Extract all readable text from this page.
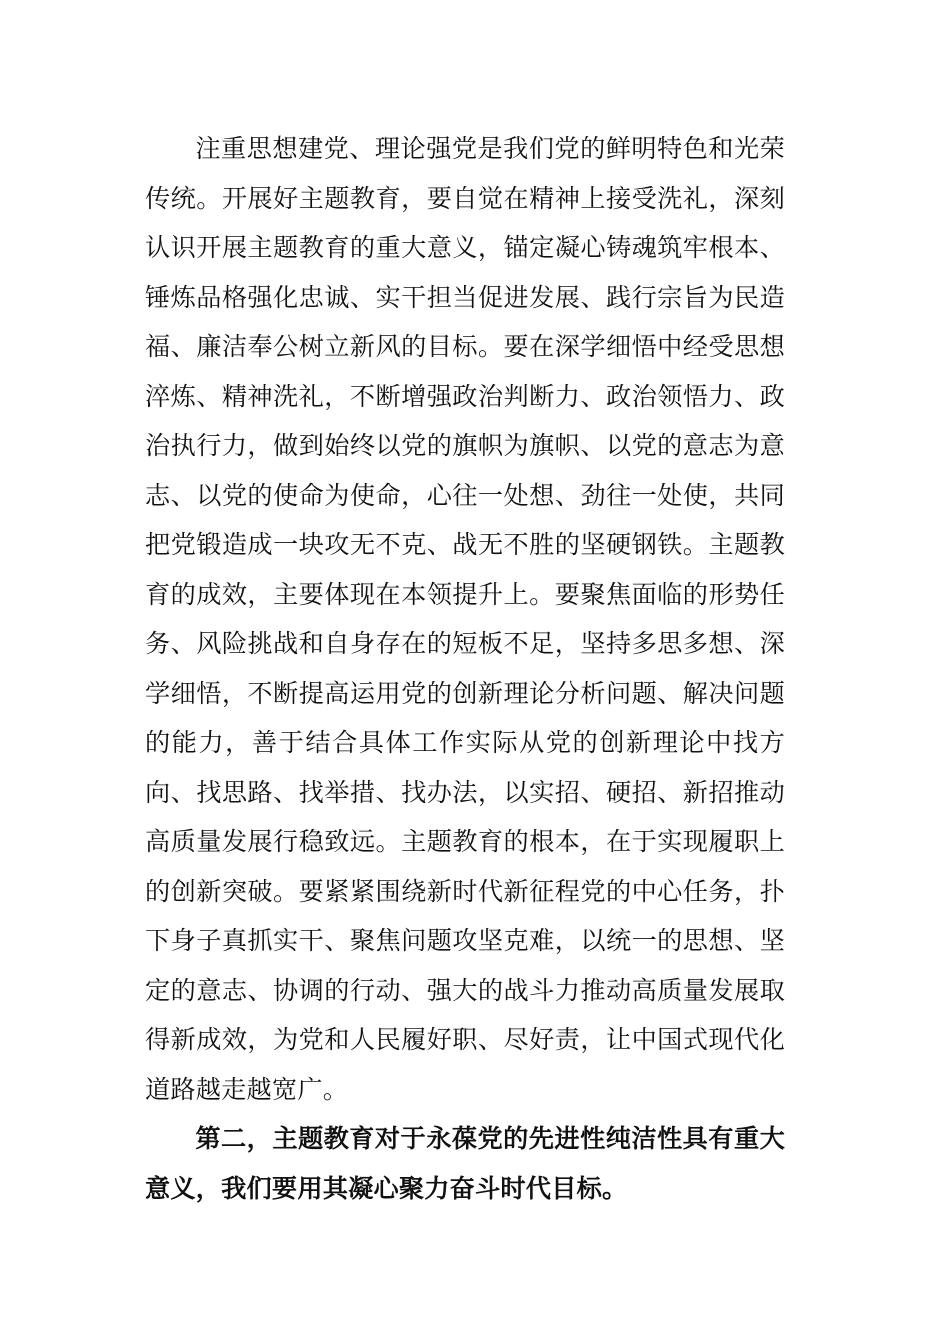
注重思想建党、理论强党是我们党的鲜明特色和光荣传统。开展好主题教育，要自觉在精神上接受洗礼，深刻认识开展主题教育的重大意义，锚定凝心铸魂筑牢根本、锤炼品格强化忠诚、实干担当促进发展、践行宗旨为民造福、廉洁奉公树立新风的目标。要在深学细悟中经受思想淬炼、精神洗礼，不断增强政治判断力、政治领悟力、政治执行力，做到始终以党的旗帜为旗帜、以党的意志为意志、以党的使命为使命，心往一处想、劲往一处使，共同把党锻造成一块攻无不克、战无不胜的坚硬钢铁。主题教育的成效，主要体现在本领提升上。要聚焦面临的形势任务、风险挑战和自身存在的短板不足，坚持多思多想、深学细悟，不断提高运用党的创新理论分析问题、解决问题的能力，善于结合具体工作实际从党的创新理论中找方向、找思路、找举措、找办法，以实招、硬招、新招推动高质量发展行稳致远。主题教育的根本，在于实现履职上的创新突破。要紧紧围绕新时代新征程党的中心任务，扑下身子真抓实干、聚焦问题攻坚克难，以统一的思想、坚定的意志、协调的行动、强大的战斗力推动高质量发展取得新成效，为党和人民履好职、尽好责，让中国式现代化道路越走越宽广。

第二，主题教育对于永葆党的先进性纯洁性具有重大意义，我们要用其凝心聚力奋斗时代目标。
